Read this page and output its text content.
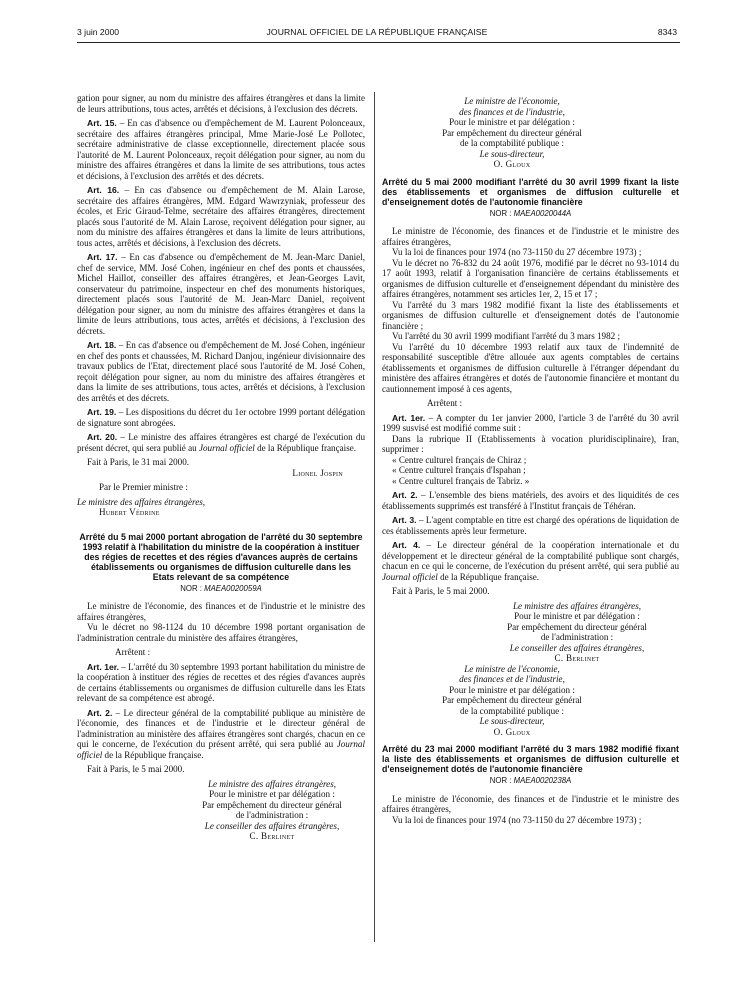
3 juin 2000	JOURNAL OFFICIEL DE LA RÉPUBLIQUE FRANÇAISE	8343

gation pour signer, au nom du ministre des affaires étrangères et dans la limite de leurs attributions, tous actes, arrêtés et décisions, à l'exclusion des décrets.

Art. 15. – En cas d'absence ou d'empêchement de M. Laurent Polonceaux, secrétaire des affaires étrangères principal, Mme Marie-José Le Pollotec, secrétaire administrative de classe exceptionnelle, directement placée sous l'autorité de M. Laurent Polonceaux, reçoit délégation pour signer, au nom du ministre des affaires étrangères et dans la limite de ses attributions, tous actes et décisions, à l'exclusion des arrêtés et des décrets.

Art. 16. – En cas d'absence ou d'empêchement de M. Alain Larose, secrétaire des affaires étrangères, MM. Edgard Wawrzyniak, professeur des écoles, et Eric Giraud-Telme, secrétaire des affaires étrangères, directement placés sous l'autorité de M. Alain Larose, reçoivent délégation pour signer, au nom du ministre des affaires étrangères et dans la limite de leurs attributions, tous actes, arrêtés et décisions, à l'exclusion des décrets.

Art. 17. – En cas d'absence ou d'empêchement de M. Jean-Marc Daniel, chef de service, MM. José Cohen, ingénieur en chef des ponts et chaussées, Michel Haillot, conseiller des affaires étrangères, et Jean-Georges Lavit, conservateur du patrimoine, inspecteur en chef des monuments historiques, directement placés sous l'autorité de M. Jean-Marc Daniel, reçoivent délégation pour signer, au nom du ministre des affaires étrangères et dans la limite de leurs attributions, tous actes, arrêtés et décisions, à l'exclusion des décrets.

Art. 18. – En cas d'absence ou d'empêchement de M. José Cohen, ingénieur en chef des ponts et chaussées, M. Richard Danjou, ingénieur divisionnaire des travaux publics de l'Etat, directement placé sous l'autorité de M. José Cohen, reçoit délégation pour signer, au nom du ministre des affaires étrangères et dans la limite de ses attributions, tous actes, arrêtés et décisions, à l'exclusion des arrêtés et des décrets.

Art. 19. – Les dispositions du décret du 1er octobre 1999 portant délégation de signature sont abrogées.

Art. 20. – Le ministre des affaires étrangères est chargé de l'exécution du présent décret, qui sera publié au Journal officiel de la République française.

Fait à Paris, le 31 mai 2000.

Lionel Jospin

Par le Premier ministre :

Le ministre des affaires étrangères,

Hubert Védrine

Arrêté du 5 mai 2000 portant abrogation de l'arrêté du 30 septembre 1993 relatif à l'habilitation du ministre de la coopération à instituer des régies de recettes et des régies d'avances auprès de certains établissements ou organismes de diffusion culturelle dans les Etats relevant de sa compétence

NOR : MAEA0020059A

Le ministre de l'économie, des finances et de l'industrie et le ministre des affaires étrangères,

Vu le décret no 98-1124 du 10 décembre 1998 portant organisation de l'administration centrale du ministère des affaires étrangères,

Arrêtent :

Art. 1er. – L'arrêté du 30 septembre 1993 portant habilitation du ministre de la coopération à instituer des régies de recettes et des régies d'avances auprès de certains établissements ou organismes de diffusion culturelle dans les Etats relevant de sa compétence est abrogé.

Art. 2. – Le directeur général de la comptabilité publique au ministère de l'économie, des finances et de l'industrie et le directeur général de l'administration au ministère des affaires étrangères sont chargés, chacun en ce qui le concerne, de l'exécution du présent arrêté, qui sera publié au Journal officiel de la République française.

Fait à Paris, le 5 mai 2000.

Le ministre des affaires étrangères,
Pour le ministre et par délégation :
Par empêchement du directeur général
de l'administration :
Le conseiller des affaires étrangères,
C. Berlinet
Le ministre de l'économie,
des finances et de l'industrie,
Pour le ministre et par délégation :
Par empêchement du directeur général
de la comptabilité publique :
Le sous-directeur,
O. Gloux

Arrêté du 5 mai 2000 modifiant l'arrêté du 30 avril 1999 fixant la liste des établissements et organismes de diffusion culturelle et d'enseignement dotés de l'autonomie financière

NOR : MAEA0020044A

Le ministre de l'économie, des finances et de l'industrie et le ministre des affaires étrangères,

Vu la loi de finances pour 1974 (no 73-1150 du 27 décembre 1973) ;

Vu le décret no 76-832 du 24 août 1976, modifié par le décret no 93-1014 du 17 août 1993, relatif à l'organisation financière de certains établissements et organismes de diffusion culturelle et d'enseignement dépendant du ministère des affaires étrangères, notamment ses articles 1er, 2, 15 et 17 ;

Vu l'arrêté du 3 mars 1982 modifié fixant la liste des établissements et organismes de diffusion culturelle et d'enseignement dotés de l'autonomie financière ;

Vu l'arrêté du 30 avril 1999 modifiant l'arrêté du 3 mars 1982 ;

Vu l'arrêté du 10 décembre 1993 relatif aux taux de l'indemnité de responsabilité susceptible d'être allouée aux agents comptables de certains établissements et organismes de diffusion culturelle à l'étranger dépendant du ministère des affaires étrangères et dotés de l'autonomie financière et montant du cautionnement imposé à ces agents,

Arrêtent :

Art. 1er. – A compter du 1er janvier 2000, l'article 3 de l'arrêté du 30 avril 1999 susvisé est modifié comme suit :

Dans la rubrique II (Etablissements à vocation pluridisciplinaire), Iran, supprimer :

« Centre culturel français de Chiraz ;

« Centre culturel français d'Ispahan ;

« Centre culturel français de Tabriz. »

Art. 2. – L'ensemble des biens matériels, des avoirs et des liquidités de ces établissements supprimés est transféré à l'Institut français de Téhéran.

Art. 3. – L'agent comptable en titre est chargé des opérations de liquidation de ces établissements après leur fermeture.

Art. 4. – Le directeur général de la coopération internationale et du développement et le directeur général de la comptabilité publique sont chargés, chacun en ce qui le concerne, de l'exécution du présent arrêté, qui sera publié au Journal officiel de la République française.

Fait à Paris, le 5 mai 2000.

Le ministre des affaires étrangères,
Pour le ministre et par délégation :
Par empêchement du directeur général
de l'administration :
Le conseiller des affaires étrangères,
C. Berlinet
Le ministre de l'économie,
des finances et de l'industrie,
Pour le ministre et par délégation :
Par empêchement du directeur général
de la comptabilité publique :
Le sous-directeur,
O. Gloux

Arrêté du 23 mai 2000 modifiant l'arrêté du 3 mars 1982 modifié fixant la liste des établissements et organismes de diffusion culturelle et d'enseignement dotés de l'autonomie financière

NOR : MAEA0020238A

Le ministre de l'économie, des finances et de l'industrie et le ministre des affaires étrangères,

Vu la loi de finances pour 1974 (no 73-1150 du 27 décembre 1973) ;
